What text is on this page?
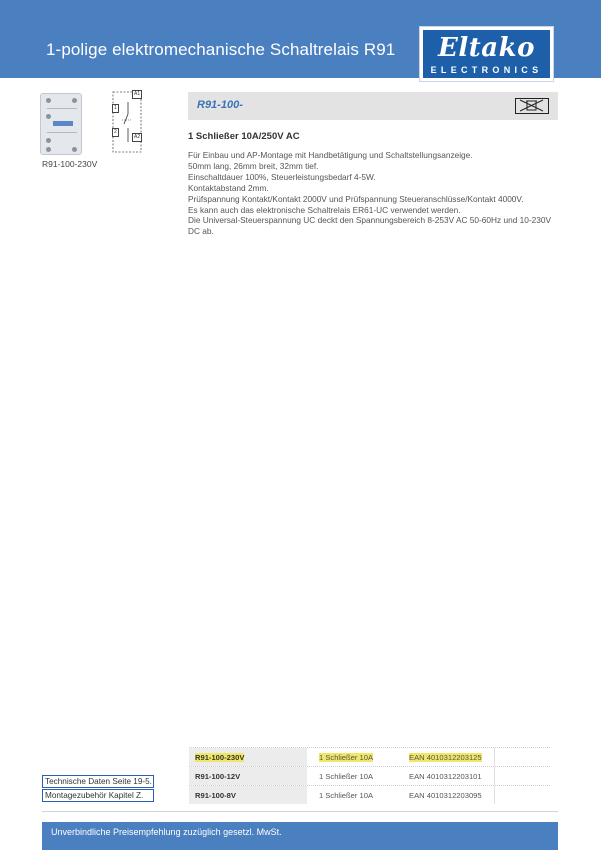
1-polige elektromechanische Schaltrelais R91	Eltako
ELECTRONICS
A1
1
2
A2
R91-100-230V
R91-100-
1 Schließer 10A/250V AC

Für Einbau und AP-Montage mit Handbetätigung und Schaltstellungsanzeige.

50mm lang, 26mm breit, 32mm tief.

Einschaltdauer 100%, Steuerleistungsbedarf 4-5W.

Kontaktabstand 2mm.

Prüfspannung Kontakt/Kontakt 2000V und Prüfspannung Steueranschlüsse/Kontakt 4000V.

Es kann auch das elektronische Schaltrelais ER61-UC verwendet werden.

Die Universal-Steuerspannung UC deckt den Spannungsbereich 8-253V AC 50-60Hz und 10-230V DC ab.

Technische Daten Seite 19-5.
Montagezubehör Kapitel Z.
R91-100-230V	1 Schließer 10A	EAN 4010312203125
R91-100-12V	1 Schließer 10A	EAN 4010312203101
R91-100-8V	1 Schließer 10A	EAN 4010312203095
Unverbindliche Preisempfehlung zuzüglich gesetzl. MwSt.
